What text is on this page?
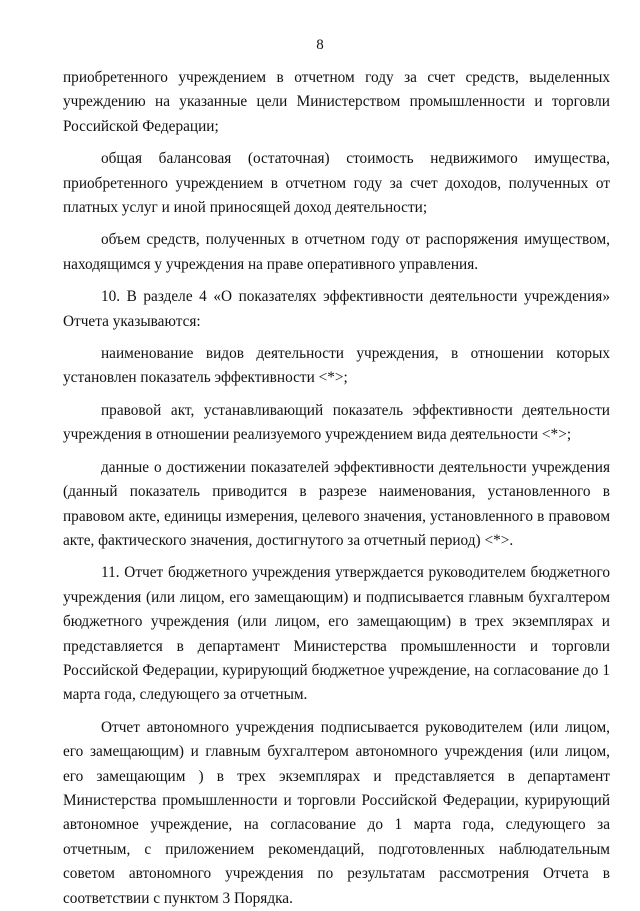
8

приобретенного учреждением в отчетном году за счет средств, выделенных учреждению на указанные цели Министерством промышленности и торговли Российской Федерации;

общая балансовая (остаточная) стоимость недвижимого имущества, приобретенного учреждением в отчетном году за счет доходов, полученных от платных услуг и иной приносящей доход деятельности;

объем средств, полученных в отчетном году от распоряжения имуществом, находящимся у учреждения на праве оперативного управления.

10. В разделе 4 «О показателях эффективности деятельности учреждения» Отчета указываются:

наименование видов деятельности учреждения, в отношении которых установлен показатель эффективности <*>;

правовой акт, устанавливающий показатель эффективности деятельности учреждения в отношении реализуемого учреждением вида деятельности <*>;

данные о достижении показателей эффективности деятельности учреждения (данный показатель приводится в разрезе наименования, установленного в правовом акте, единицы измерения, целевого значения, установленного в правовом акте, фактического значения, достигнутого за отчетный период) <*>.

11. Отчет бюджетного учреждения утверждается руководителем бюджетного учреждения (или лицом, его замещающим) и подписывается главным бухгалтером бюджетного учреждения (или лицом, его замещающим) в трех экземплярах и представляется в департамент Министерства промышленности и торговли Российской Федерации, курирующий бюджетное учреждение, на согласование до 1 марта года, следующего за отчетным.

Отчет автономного учреждения подписывается руководителем (или лицом, его замещающим) и главным бухгалтером автономного учреждения (или лицом, его замещающим ) в трех экземплярах и представляется в департамент Министерства промышленности и торговли Российской Федерации, курирующий автономное учреждение, на согласование до 1 марта года, следующего за отчетным, с приложением рекомендаций, подготовленных наблюдательным советом автономного учреждения по результатам рассмотрения Отчета в соответствии с пунктом 3 Порядка.
